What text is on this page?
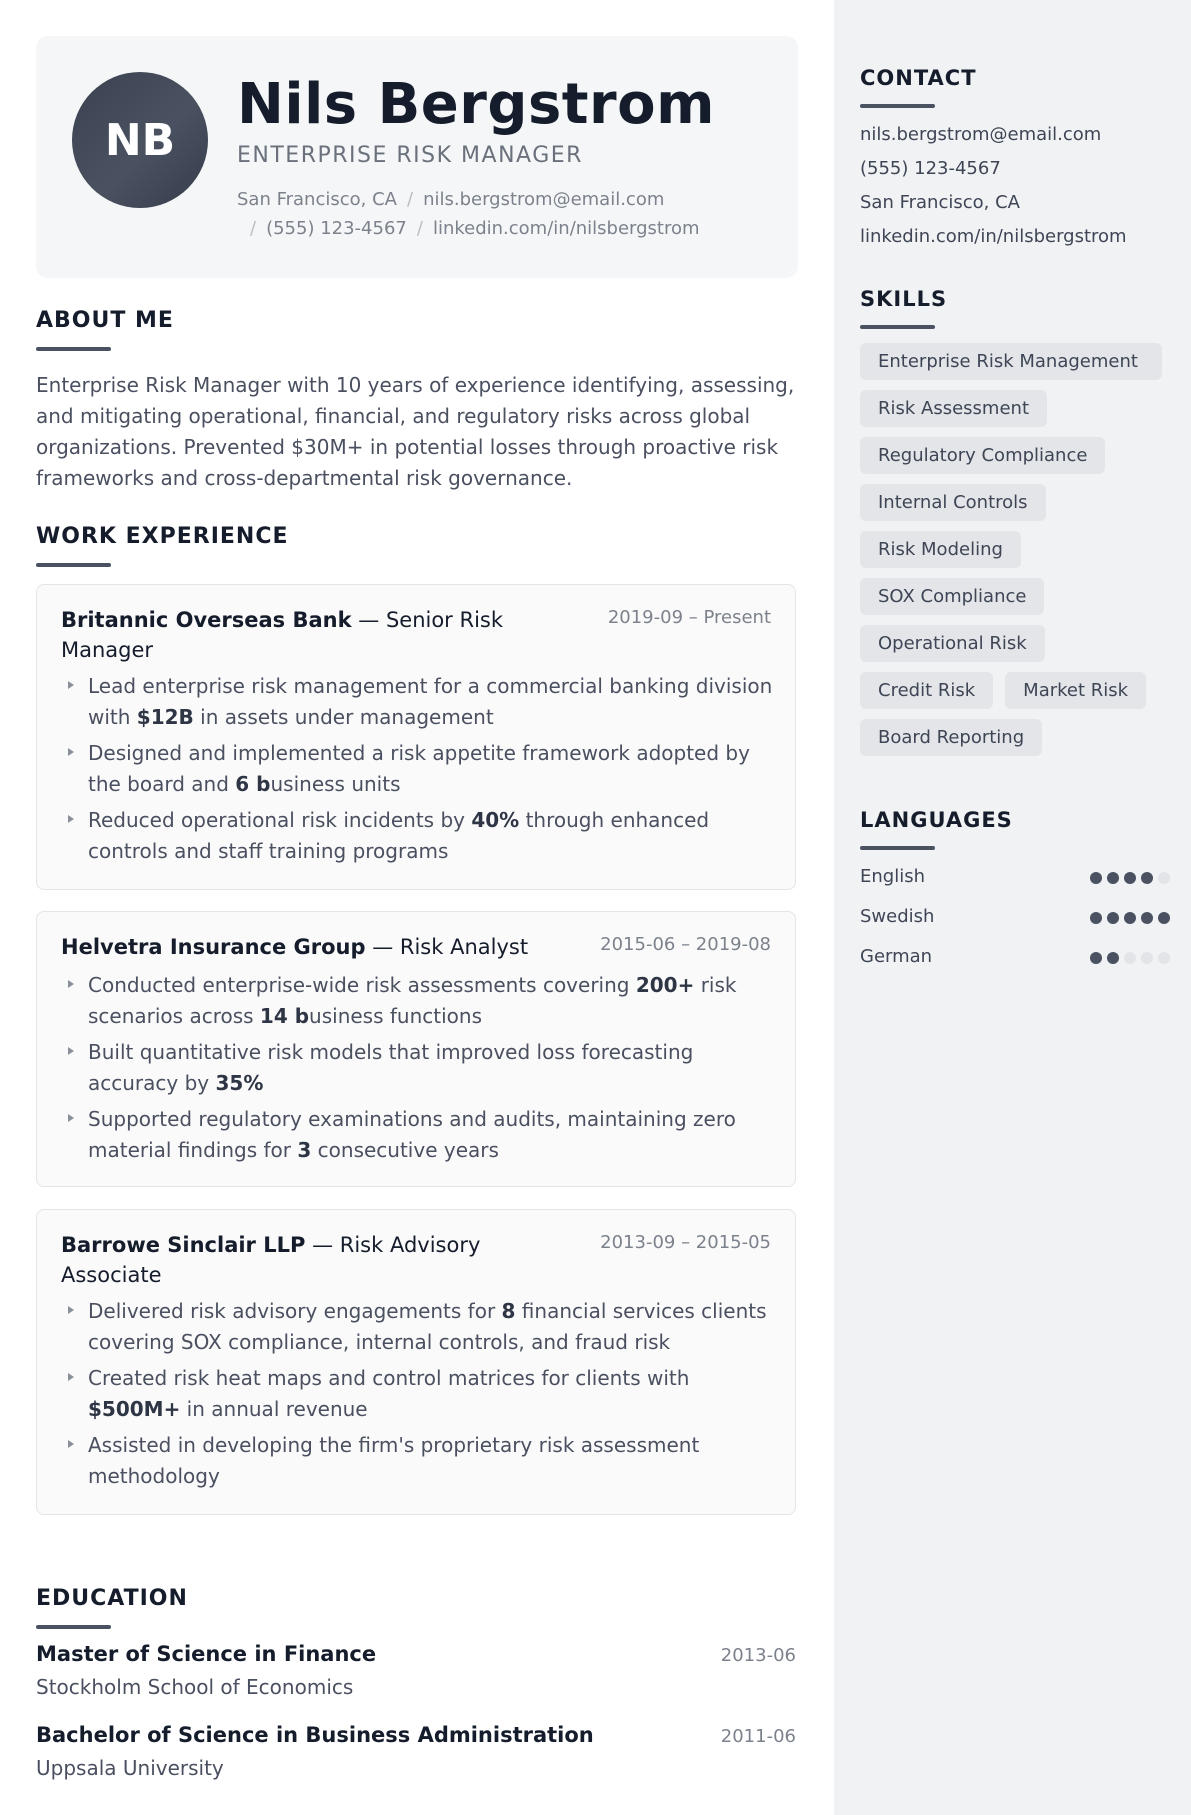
CONTACT
nils.bergstrom@email.com
(555) 123-4567
San Francisco, CA
linkedin.com/in/nilsbergstrom
SKILLS
Enterprise Risk Management
Risk Assessment
Regulatory Compliance
Internal Controls
Risk Modeling
SOX Compliance
Operational Risk
Credit Risk	Market Risk
Board Reporting
LANGUAGES
English
Swedish
German
NB
Nils Bergstrom
ENTERPRISE RISK MANAGER
San Francisco, CA / nils.bergstrom@email.com
/ (555) 123-4567 / linkedin.com/in/nilsbergstrom
ABOUT ME
Enterprise Risk Manager with 10 years of experience identifying, assessing, and mitigating operational, financial, and regulatory risks across global organizations. Prevented $30M+ in potential losses through proactive risk frameworks and cross-departmental risk governance.
WORK EXPERIENCE
Britannic Overseas Bank — Senior Risk Manager
2019-09 – Present
Lead enterprise risk management for a commercial banking division with $12B in assets under management
Designed and implemented a risk appetite framework adopted by the board and 6 business units
Reduced operational risk incidents by 40% through enhanced controls and staff training programs
Helvetra Insurance Group — Risk Analyst	2015-06 – 2019-08
Conducted enterprise-wide risk assessments covering 200+ risk scenarios across 14 business functions
Built quantitative risk models that improved loss forecasting accuracy by 35%
Supported regulatory examinations and audits, maintaining zero material findings for 3 consecutive years
Barrowe Sinclair LLP — Risk Advisory Associate
2013-09 – 2015-05
Delivered risk advisory engagements for 8 financial services clients covering SOX compliance, internal controls, and fraud risk
Created risk heat maps and control matrices for clients with $500M+ in annual revenue
Assisted in developing the firm's proprietary risk assessment methodology
EDUCATION
Master of Science in Finance
Stockholm School of Economics
2013-06
Bachelor of Science in Business Administration
Uppsala University
2011-06
